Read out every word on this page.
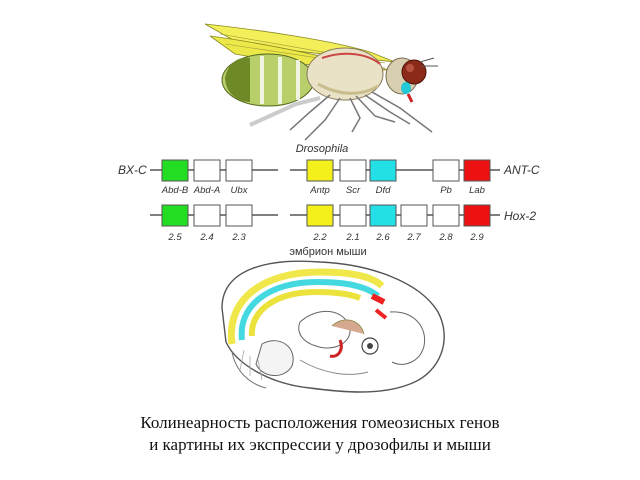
Drosophila
BX-C	ANT-C
Abd-B Abd-A Ubx	Antp Scr Dfd	Pb Lab
Hox-2
2.5 2.4 2.3	2.2 2.1 2.6 2.7 2.8 2.9
эмбрион мыши
Колинеарность расположения гомеозисных генов
и картины их экспрессии у дрозофилы и мыши
